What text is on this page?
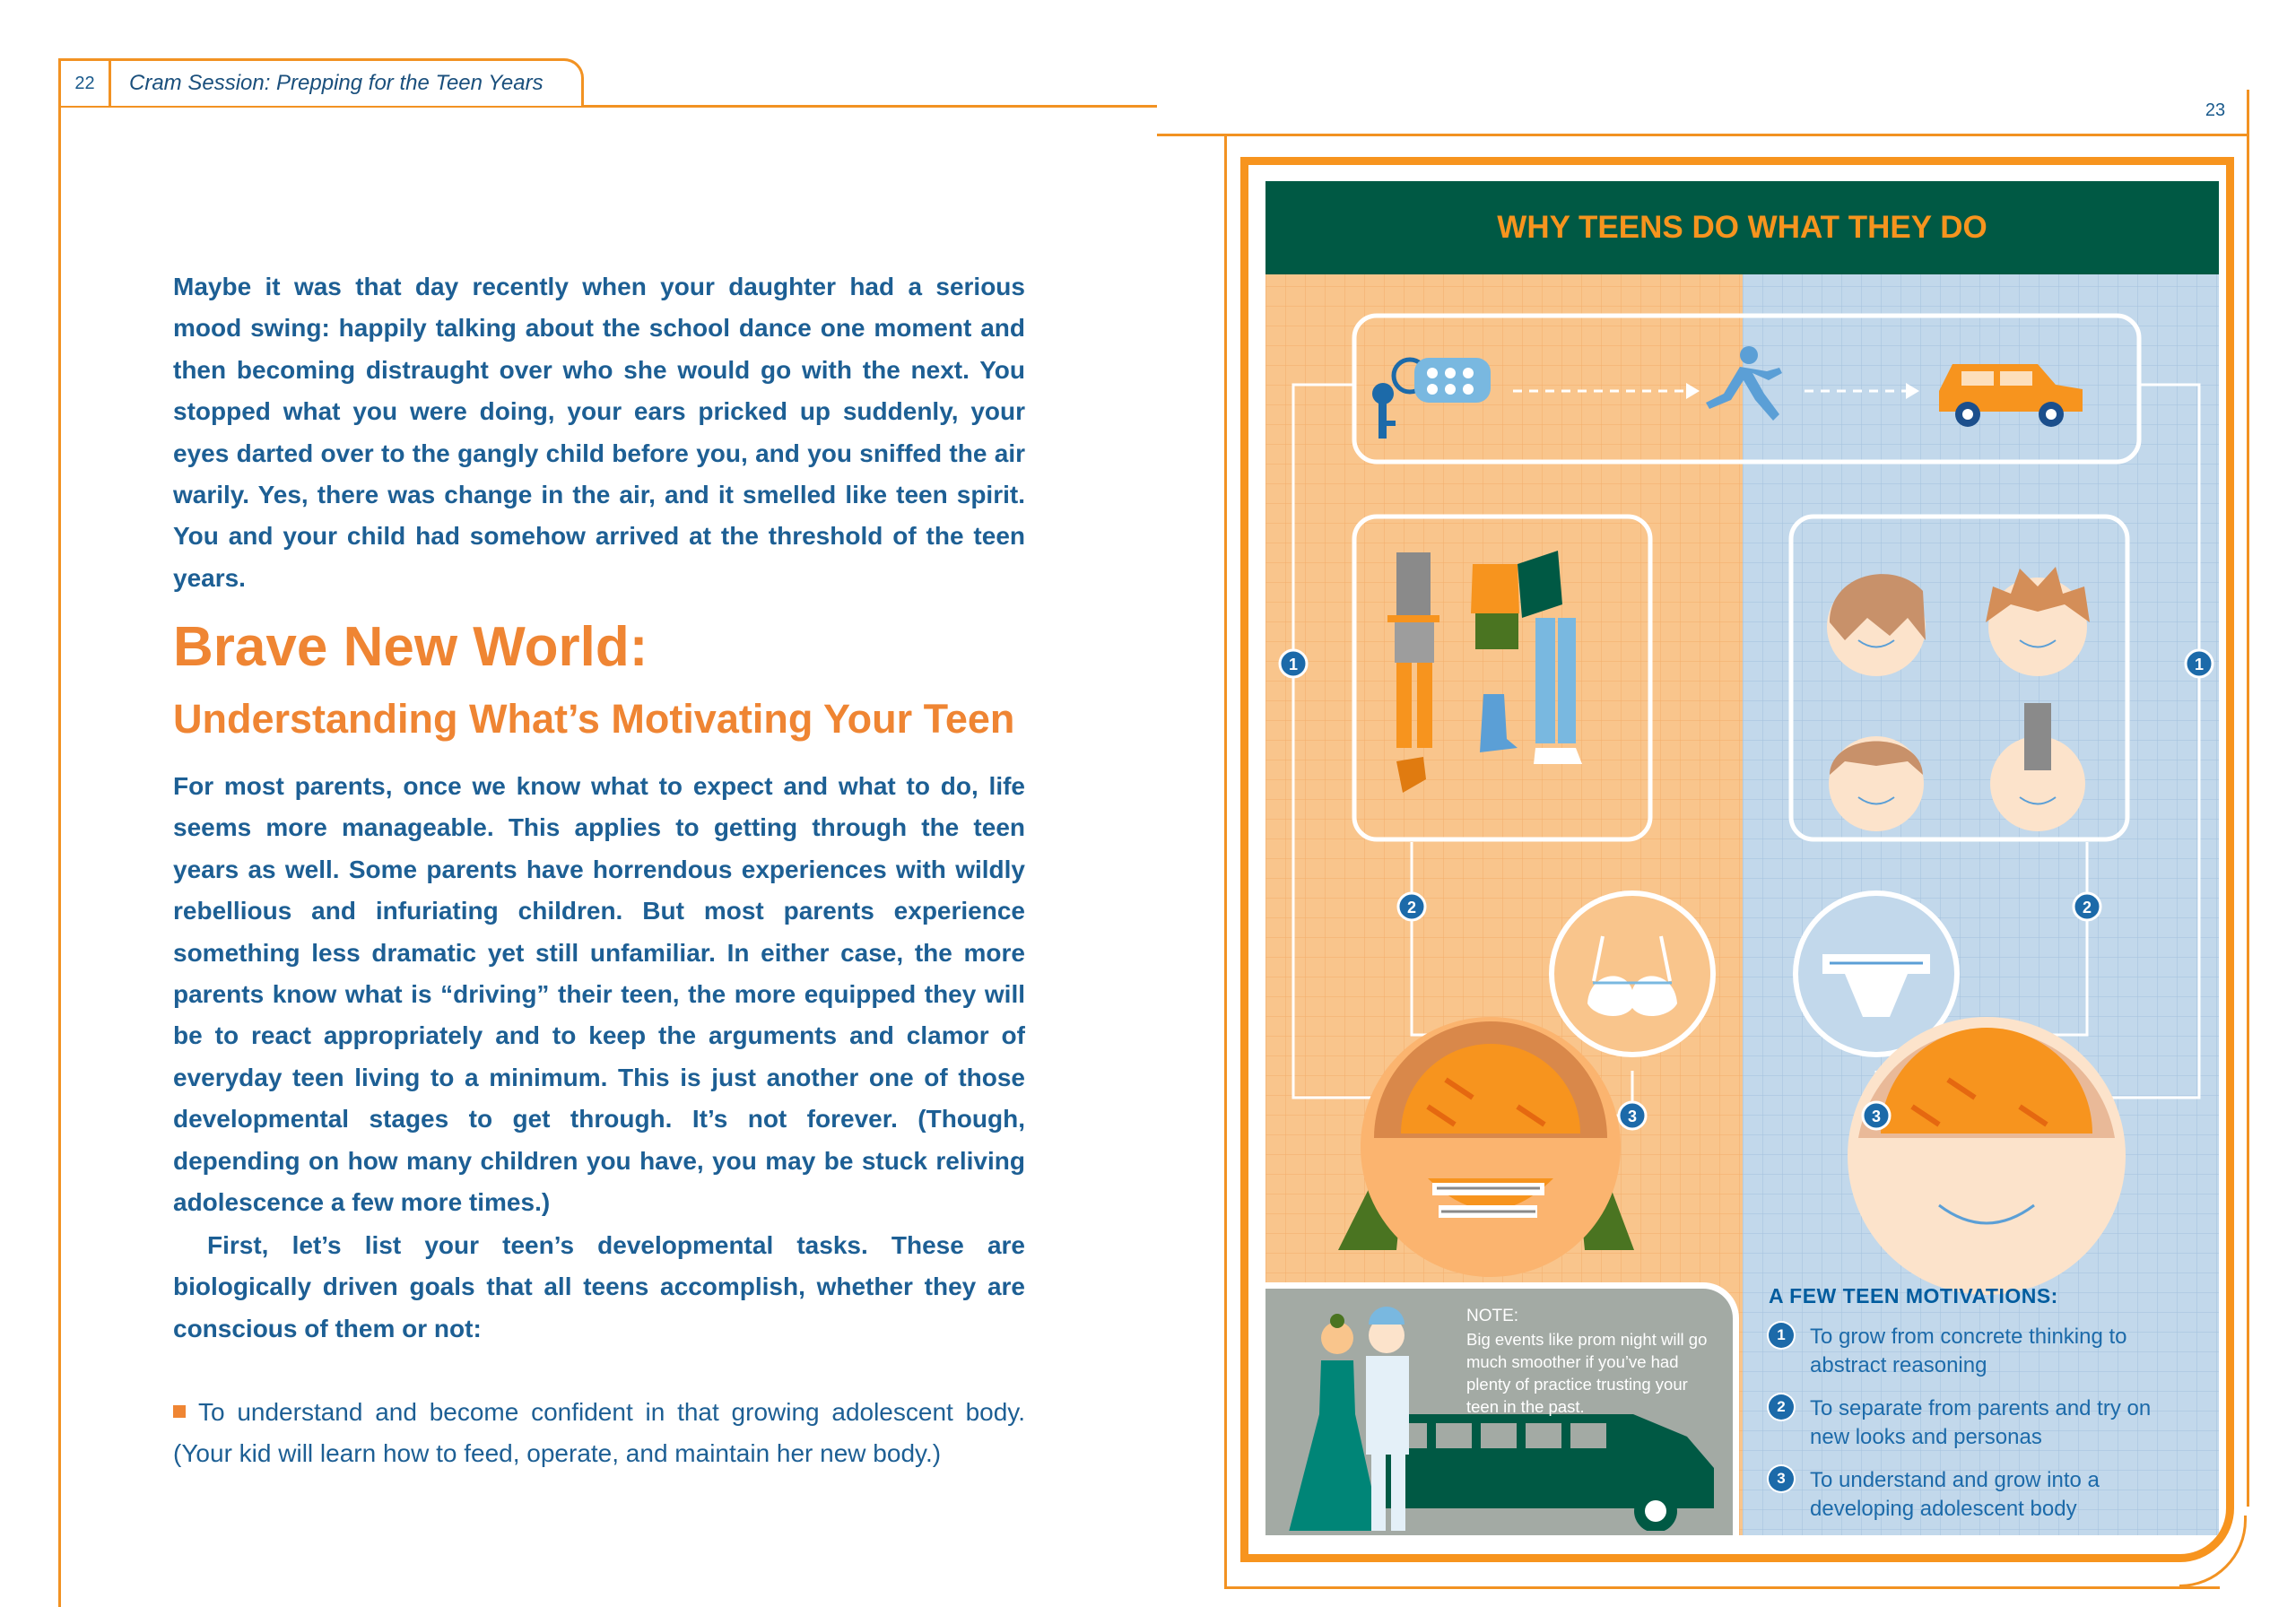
22	Cram Session: Prepping for the Teen Years

Maybe it was that day recently when your daughter had a serious mood swing: happily talking about the school dance one moment and then becoming distraught over who she would go with the next. You stopped what you were doing, your ears pricked up suddenly, your eyes darted over to the gangly child before you, and you sniffed the air warily. Yes, there was change in the air, and it smelled like teen spirit. You and your child had somehow arrived at the threshold of the teen years.

Brave New World:
Understanding What’s Motivating Your Teen

For most parents, once we know what to expect and what to do, life seems more manageable. This applies to getting through the teen years as well. Some parents have horrendous experiences with wildly rebellious and infuriating children. But most parents experience something less dramatic yet still unfamiliar. In either case, the more parents know what is “driving” their teen, the more equipped they will be to react appropriately and to keep the arguments and clamor of everyday teen living to a minimum. This is just another one of those developmental stages to get through. It’s not forever. (Though, depending on how many children you have, you may be stuck reliving adolescence a few more times.)

First, let’s list your teen’s developmental tasks. These are biologically driven goals that all teens accomplish, whether they are conscious of them or not:

To understand and become confident in that growing adolescent body. (Your kid will learn how to feed, operate, and maintain her new body.)

23
WHY TEENS DO WHAT THEY DO
1
2
3
1
2
3

NOTE:

Big events like prom night will go much smoother if you’ve had plenty of practice trusting your teen in the past.

A FEW TEEN MOTIVATIONS:

1	To grow from concrete thinking to abstract reasoning

2	To separate from parents and try on new looks and personas

3	To understand and grow into a developing adolescent body
